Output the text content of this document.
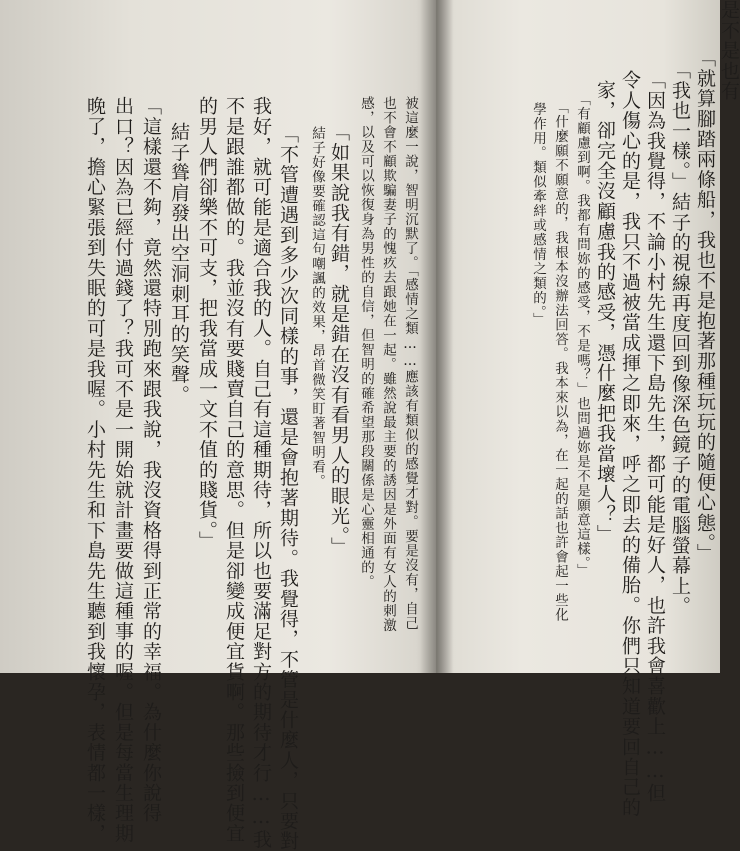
被這麼一說，智明沉默了。「感情之類……應該有類似的感覺才對。要是沒有，自己
也不會不顧欺騙妻子的愧疚去跟她在一起。雖然說最主要的誘因是外面有女人的刺激
感，以及可以恢復身為男性的自信，但智明的確希望那段關係是心靈相通的。
「如果說我有錯，就是錯在沒有看男人的眼光。」
結子好像要確認這句嘲諷的效果，昂首微笑盯著智明看。
「不管遭遇到多少次同樣的事，還是會抱著期待。我覺得，不管是什麼人，只要對
我好，就可能是適合我的人。自己有這種期待，所以也要滿足對方的期待才行……我
不是跟誰都做的。我並沒有要賤賣自己的意思。但是卻變成便宜貨啊。那些撿到便宜
的男人們卻樂不可支，把我當成一文不值的賤貨。」
結子聳肩發出空洞刺耳的笑聲。
「這樣還不夠，竟然還特別跑來跟我說，我沒資格得到正常的幸福。為什麼你說得
出口？因為已經付過錢了？我可不是一開始就計畫要做這種事的喔。但是每當生理期
晚了，擔心緊張到失眠的可是我喔。小村先生和下島先生聽到我懷孕，表情都一樣，
是不是也有
「就算腳踏兩條船，我也不是抱著那種玩玩的隨便心態。」
「我也一樣。」結子的視線再度回到像深色鏡子的電腦螢幕上。
「因為我覺得，不論小村先生還下島先生，都可能是好人，也許我會喜歡上……但
令人傷心的是，我只不過被當成揮之即來，呼之即去的備胎。你們只知道要回自己的
家，卻完全沒顧慮我的感受，憑什麼把我當壞人？」
「有顧慮到啊。我都有問妳的感受，不是嗎？」也問過妳是不是願意這樣。」
「什麼願不願意的，我根本沒辦法回答。我本來以為，在一起的話也許會起一些化
學作用。類似牽絆或感情之類的。」
